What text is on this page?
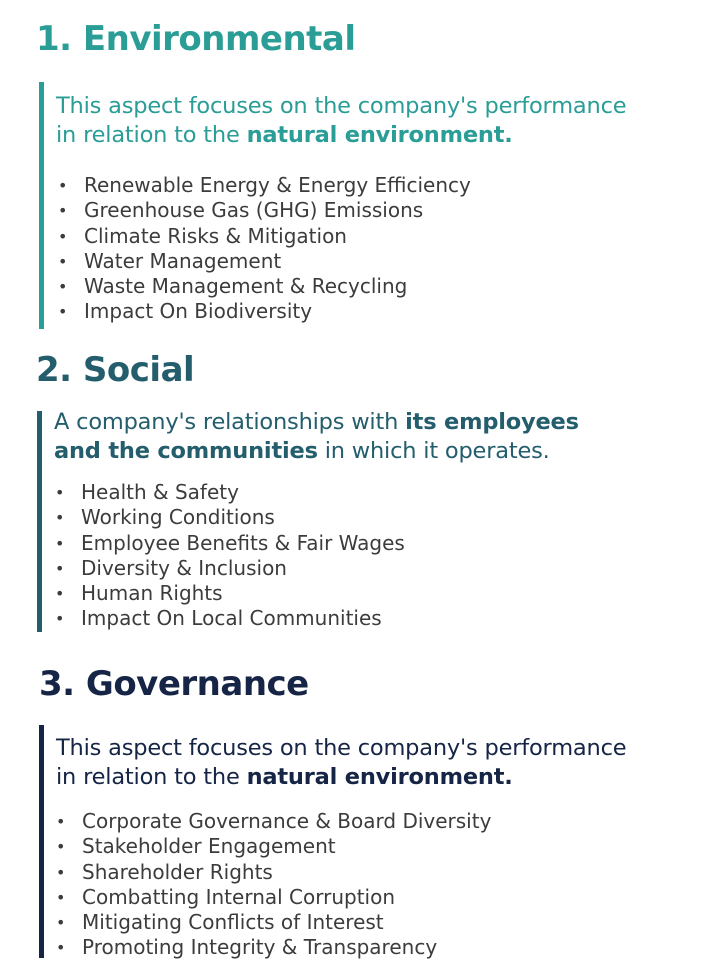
1. Environmental

This aspect focuses on the company's performance
in relation to the natural environment.

• Renewable Energy & Energy Efficiency
• Greenhouse Gas (GHG) Emissions
• Climate Risks & Mitigation
• Water Management
• Waste Management & Recycling
• Impact On Biodiversity
2. Social

A company's relationships with its employees
and the communities in which it operates.

• Health & Safety
• Working Conditions
• Employee Benefits & Fair Wages
• Diversity & Inclusion
• Human Rights
• Impact On Local Communities
3. Governance

This aspect focuses on the company's performance
in relation to the natural environment.

• Corporate Governance & Board Diversity
• Stakeholder Engagement
• Shareholder Rights
• Combatting Internal Corruption
• Mitigating Conflicts of Interest
• Promoting Integrity & Transparency
